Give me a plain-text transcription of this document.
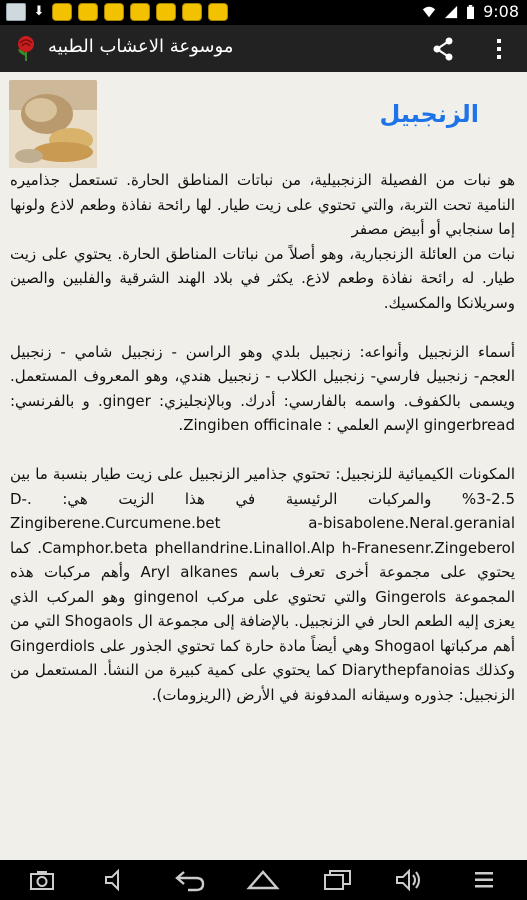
⬇	9:08
موسوعة الاعشاب الطبيه
الزنجبيل

هو نبات من الفصيلة الزنجبيلية، من نباتات المناطق الحارة. تستعمل جذاميره النامية تحت التربة، والتي تحتوي على زيت طيار. لها رائحة نفاذة وطعم لاذع ولونها إما سنجابي أو أبيض مصفر

نبات من العائلة الزنجبارية، وهو أصلاً من نباتات المناطق الحارة. يحتوي على زيت طيار. له رائحة نفاذة وطعم لاذع. يكثر في بلاد الهند الشرقية والفلبين والصين وسريلانكا والمكسيك.

أسماء الزنجبيل وأنواعه: زنجبيل بلدي وهو الراسن - زنجبيل شامي - زنجبيل العجم- زنجبيل فارسي- زنجبيل الكلاب - زنجبيل هندي، وهو المعروف المستعمل. ويسمى بالكفوف. واسمه بالفارسي: أدرك. وبالإنجليزي: ginger. و بالفرنسي: gingerbread الإسم العلمي : Zingiben officinale.

المكونات الكيميائية للزنجبيل: تحتوي جذامير الزنجبيل على زيت طيار بنسبة ما بين 2.5-3% والمركبات الرئيسية في هذا الزيت هي: D-. Zingiberene.Curcumene.bet a-bisabolene.Neral.geranial Camphor.beta phellandrine.Linallol.Alp h-Franesenr.Zingeberol. كما يحتوي على مجموعة أخرى تعرف باسم Aryl alkanes وأهم مركبات هذه المجموعة Gingerols والتي تحتوي على مركب gingenol وهو المركب الذي يعزى إليه الطعم الحار في الزنجبيل. بالإضافة إلى مجموعة ال Shogaols التي من أهم مركباتها Shogaol وهي أيضاً مادة حارة كما تحتوي الجذور على Gingerdiols وكذلك Diarythepfanoias كما يحتوي على كمية كبيرة من النشأ. المستعمل من الزنجبيل: جذوره وسيقانه المدفونة في الأرض (الريزومات).
